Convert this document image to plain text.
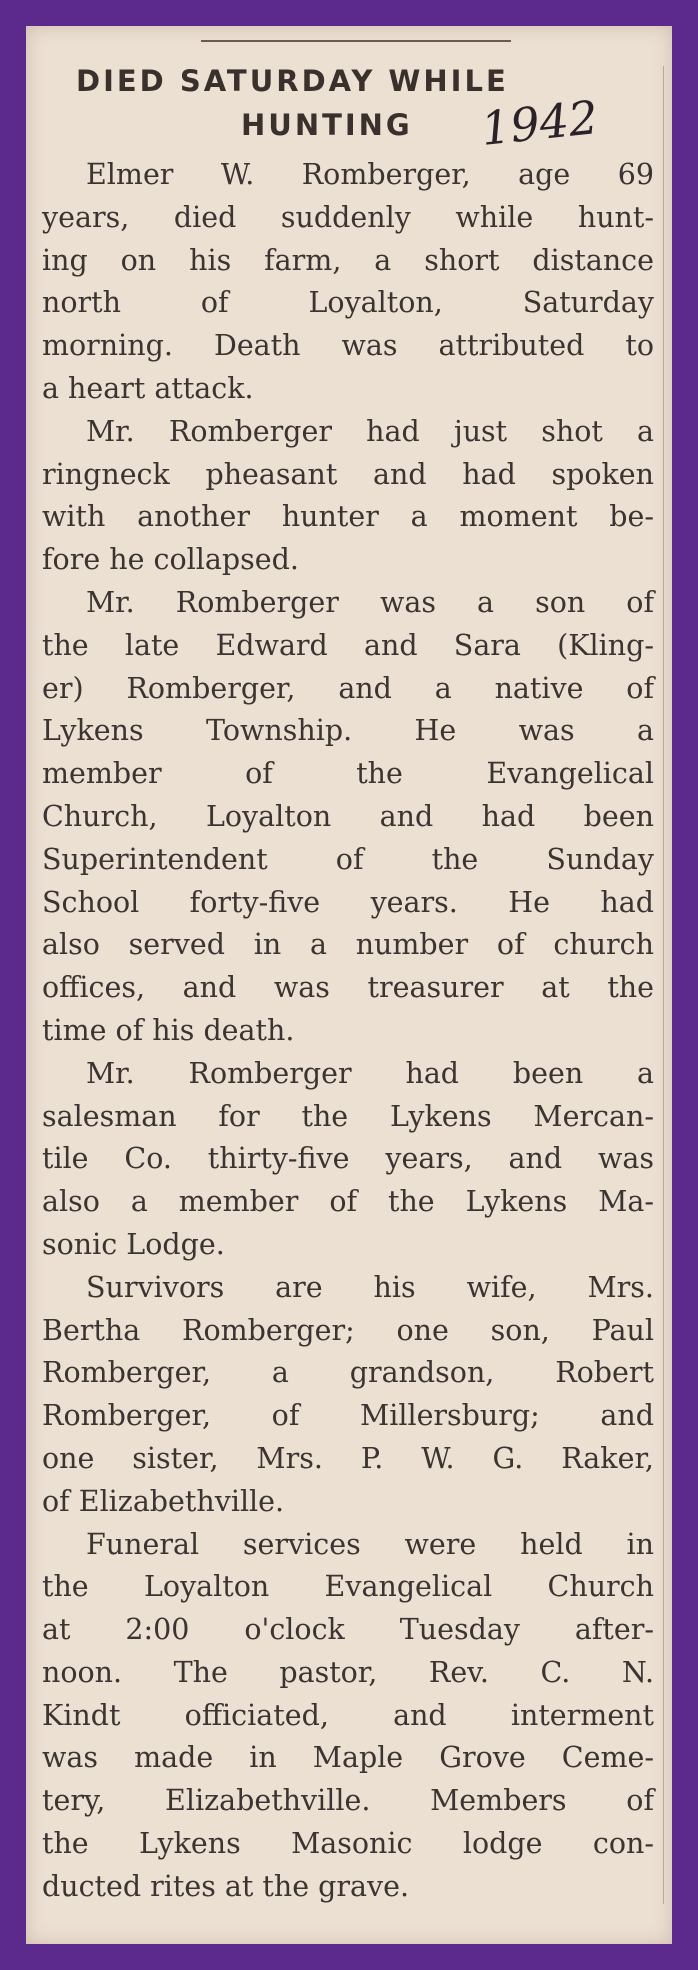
DIED SATURDAY WHILE
HUNTING	1942
Elmer W. Romberger, age 69
years, died suddenly while hunt-
ing on his farm, a short distance
north of Loyalton, Saturday
morning. Death was attributed to
a heart attack.
Mr. Romberger had just shot a
ringneck pheasant and had spoken
with another hunter a moment be-
fore he collapsed.
Mr. Romberger was a son of
the late Edward and Sara (Kling-
er) Romberger, and a native of
Lykens Township. He was a
member of the Evangelical
Church, Loyalton and had been
Superintendent of the Sunday
School forty-five years. He had
also served in a number of church
offices, and was treasurer at the
time of his death.
Mr. Romberger had been a
salesman for the Lykens Mercan-
tile Co. thirty-five years, and was
also a member of the Lykens Ma-
sonic Lodge.
Survivors are his wife, Mrs.
Bertha Romberger; one son, Paul
Romberger, a grandson, Robert
Romberger, of Millersburg; and
one sister, Mrs. P. W. G. Raker,
of Elizabethville.
Funeral services were held in
the Loyalton Evangelical Church
at 2:00 o'clock Tuesday after-
noon. The pastor, Rev. C. N.
Kindt officiated, and interment
was made in Maple Grove Ceme-
tery, Elizabethville. Members of
the Lykens Masonic lodge con-
ducted rites at the grave.
